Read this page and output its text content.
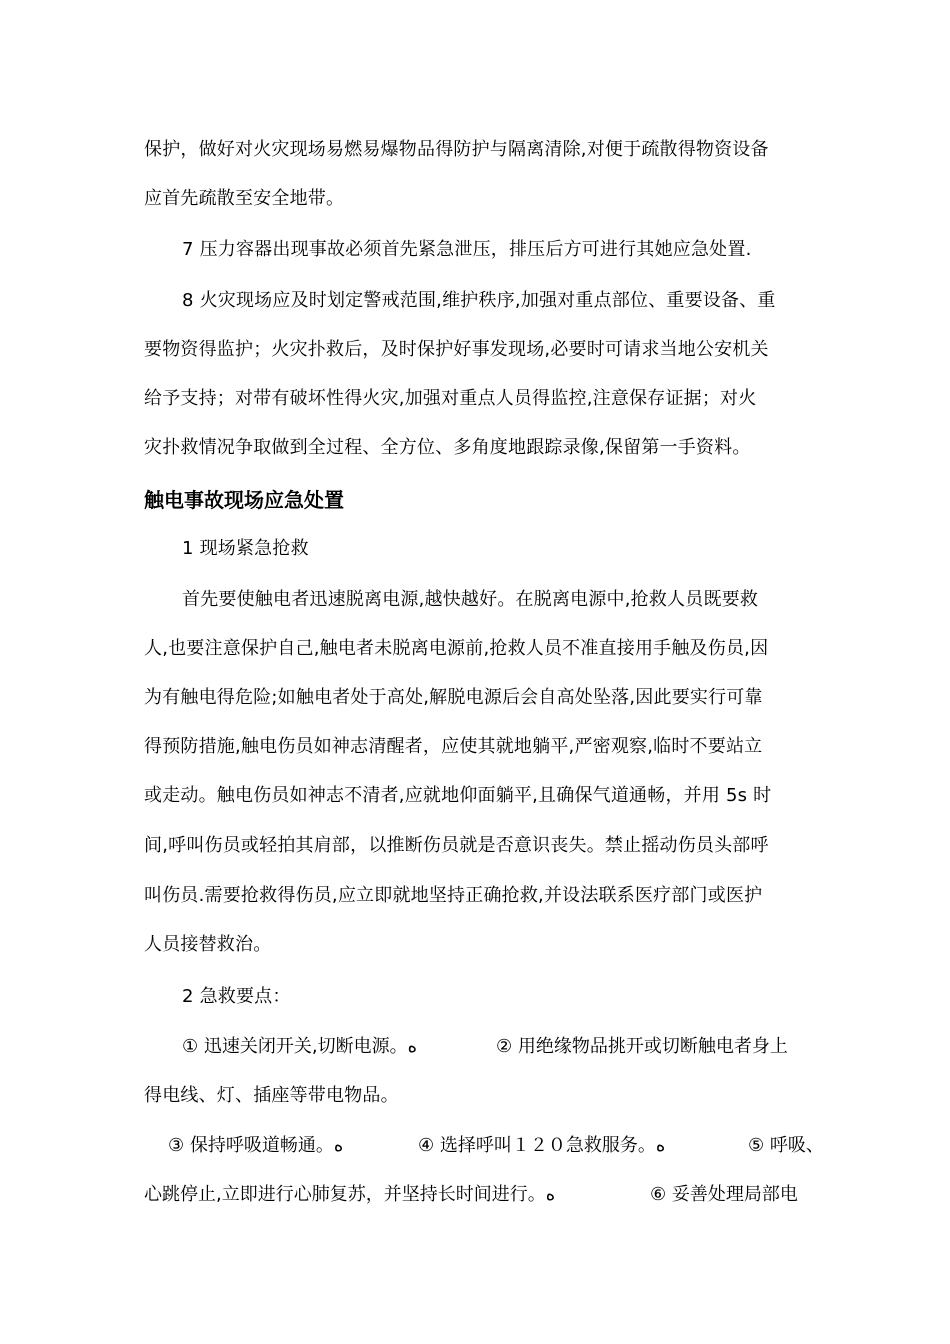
保护，做好对火灾现场易燃易爆物品得防护与隔离清除,对便于疏散得物资设备
应首先疏散至安全地带。
7 压力容器出现事故必须首先紧急泄压，排压后方可进行其她应急处置.
8 火灾现场应及时划定警戒范围,维护秩序,加强对重点部位、重要设备、重
要物资得监护；火灾扑救后，及时保护好事发现场,必要时可请求当地公安机关
给予支持；对带有破坏性得火灾,加强对重点人员得监控,注意保存证据；对火
灾扑救情况争取做到全过程、全方位、多角度地跟踪录像,保留第一手资料。
触电事故现场应急处置
1 现场紧急抢救
首先要使触电者迅速脱离电源,越快越好。在脱离电源中,抢救人员既要救
人,也要注意保护自己,触电者未脱离电源前,抢救人员不准直接用手触及伤员,因
为有触电得危险;如触电者处于高处,解脱电源后会自高处坠落,因此要实行可靠
得预防措施,触电伤员如神志清醒者，应使其就地躺平,严密观察,临时不要站立
或走动。触电伤员如神志不清者,应就地仰面躺平,且确保气道通畅，并用 5s 时
间,呼叫伤员或轻拍其肩部，以推断伤员就是否意识丧失。禁止摇动伤员头部呼
叫伤员.需要抢救得伤员,应立即就地坚持正确抢救,并设法联系医疗部门或医护
人员接替救治。
2 急救要点：
① 迅速关闭开关,切断电源。ﻩ	② 用绝缘物品挑开或切断触电者身上
得电线、灯、插座等带电物品。
③ 保持呼吸道畅通。ﻩ	④ 选择呼叫１２０急救服务。ﻩ	⑤ 呼吸、
心跳停止,立即进行心肺复苏，并坚持长时间进行。ﻩ	⑥ 妥善处理局部电
